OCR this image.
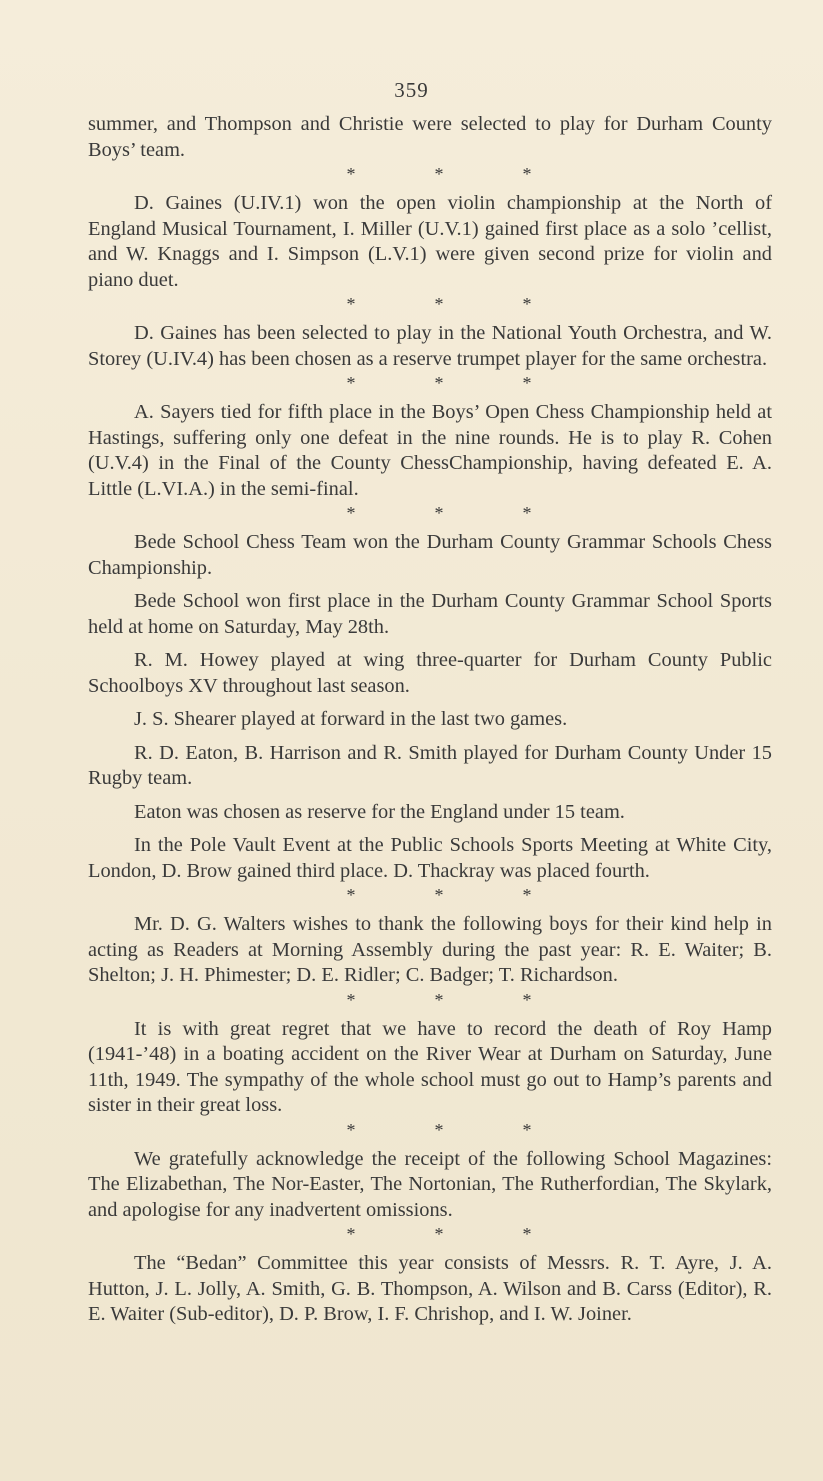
359

summer, and Thompson and Christie were selected to play for Durham County Boys’ team.

*	*	*

D. Gaines (U.IV.1) won the open violin championship at the North of England Musical Tournament, I. Miller (U.V.1) gained first place as a solo ’cellist, and W. Knaggs and I. Simpson (L.V.1) were given second prize for violin and piano duet.

*	*	*

D. Gaines has been selected to play in the National Youth Orchestra, and W. Storey (U.IV.4) has been chosen as a reserve trumpet player for the same orchestra.

*	*	*

A. Sayers tied for fifth place in the Boys’ Open Chess Championship held at Hastings, suffering only one defeat in the nine rounds. He is to play R. Cohen (U.V.4) in the Final of the County ChessChampionship, having defeated E. A. Little (L.VI.A.) in the semi-final.

*	*	*

Bede School Chess Team won the Durham County Grammar Schools Chess Championship.

Bede School won first place in the Durham County Grammar School Sports held at home on Saturday, May 28th.

R. M. Howey played at wing three-quarter for Durham County Public Schoolboys XV throughout last season.

J. S. Shearer played at forward in the last two games.

R. D. Eaton, B. Harrison and R. Smith played for Durham County Under 15 Rugby team.

Eaton was chosen as reserve for the England under 15 team.

In the Pole Vault Event at the Public Schools Sports Meeting at White City, London, D. Brow gained third place. D. Thackray was placed fourth.

*	*	*

Mr. D. G. Walters wishes to thank the following boys for their kind help in acting as Readers at Morning Assembly during the past year: R. E. Waiter; B. Shelton; J. H. Phimester; D. E. Ridler; C. Badger; T. Richardson.

*	*	*

It is with great regret that we have to record the death of Roy Hamp (1941-’48) in a boating accident on the River Wear at Durham on Saturday, June 11th, 1949. The sympathy of the whole school must go out to Hamp’s parents and sister in their great loss.

*	*	*

We gratefully acknowledge the receipt of the following School Magazines: The Elizabethan, The Nor-Easter, The Nortonian, The Rutherfordian, The Skylark, and apologise for any inadvertent omissions.

*	*	*

The “Bedan” Committee this year consists of Messrs. R. T. Ayre, J. A. Hutton, J. L. Jolly, A. Smith, G. B. Thompson, A. Wilson and B. Carss (Editor), R. E. Waiter (Sub-editor), D. P. Brow, I. F. Chrishop, and I. W. Joiner.
